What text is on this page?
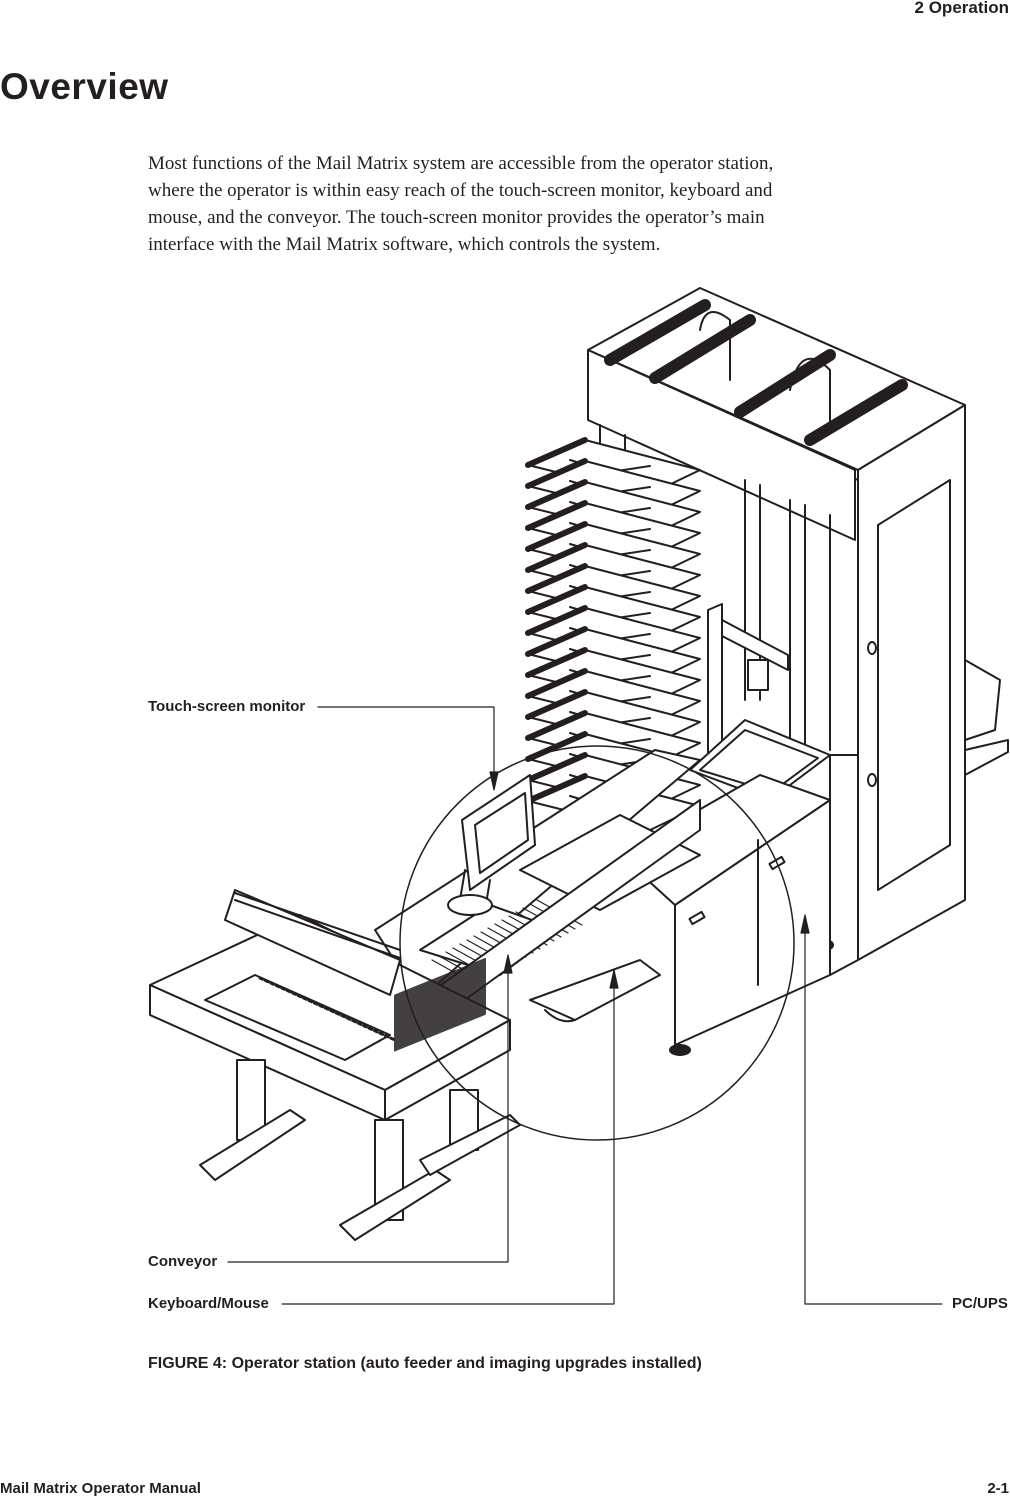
2 Operation
Overview
Most functions of the Mail Matrix system are accessible from the operator station,
where the operator is within easy reach of the touch-screen monitor, keyboard and
mouse, and the conveyor. The touch-screen monitor provides the operator’s main
interface with the Mail Matrix software, which controls the system.
Touch-screen monitor
Conveyor
Keyboard/Mouse	PC/UPS
FIGURE 4: Operator station (auto feeder and imaging upgrades installed)
Mail Matrix Operator Manual	2-1
